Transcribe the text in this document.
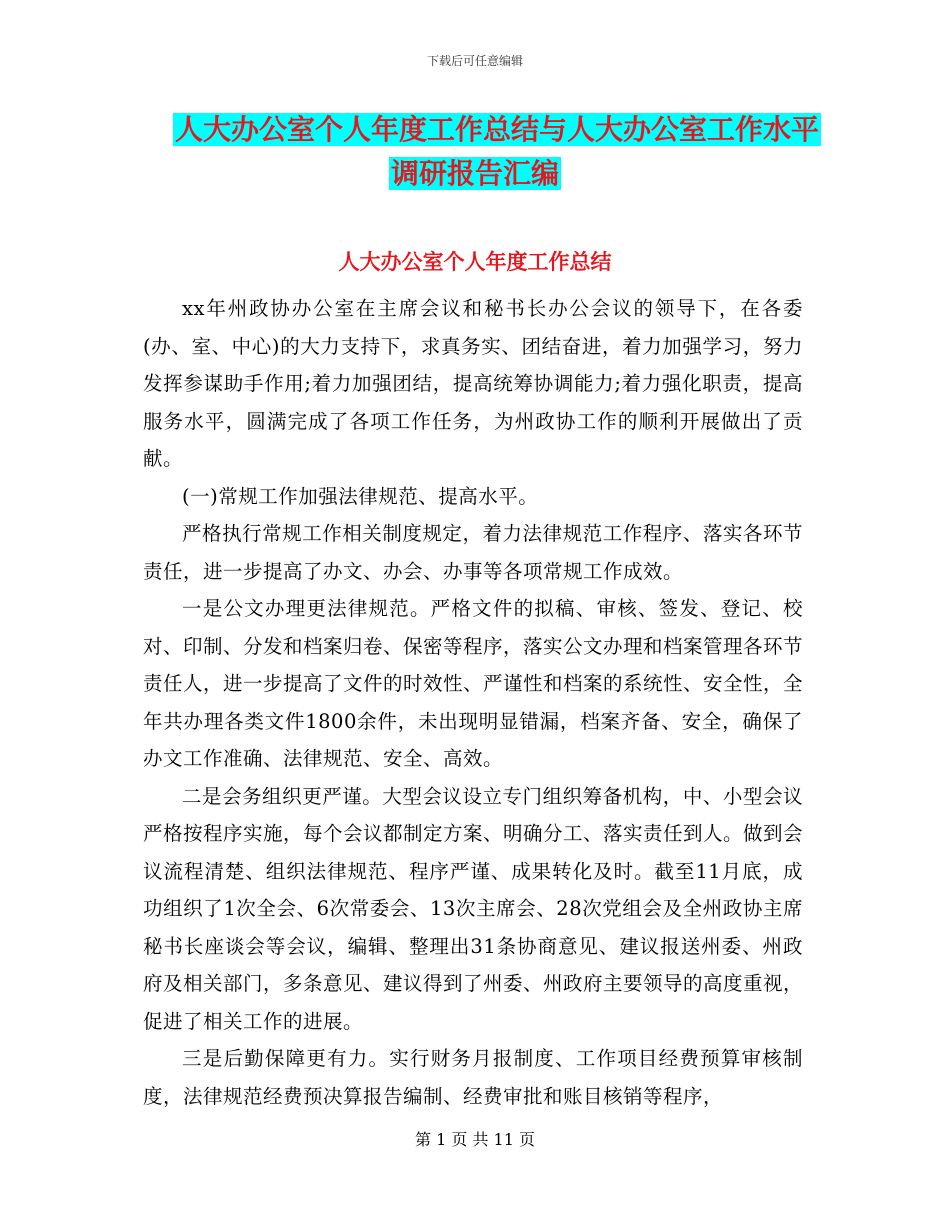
下载后可任意编辑
人大办公室个人年度工作总结与人大办公室工作水平
调研报告汇编
人大办公室个人年度工作总结

xx年州政协办公室在主席会议和秘书长办公会议的领导下，在各委(办、室、中心)的大力支持下，求真务实、团结奋进，着力加强学习，努力发挥参谋助手作用;着力加强团结，提高统筹协调能力;着力强化职责，提高服务水平，圆满完成了各项工作任务，为州政协工作的顺利开展做出了贡献。

(一)常规工作加强法律规范、提高水平。

严格执行常规工作相关制度规定，着力法律规范工作程序、落实各环节责任，进一步提高了办文、办会、办事等各项常规工作成效。

一是公文办理更法律规范。严格文件的拟稿、审核、签发、登记、校对、印制、分发和档案归卷、保密等程序，落实公文办理和档案管理各环节责任人，进一步提高了文件的时效性、严谨性和档案的系统性、安全性，全年共办理各类文件1800余件，未出现明显错漏，档案齐备、安全，确保了办文工作准确、法律规范、安全、高效。

二是会务组织更严谨。大型会议设立专门组织筹备机构，中、小型会议严格按程序实施，每个会议都制定方案、明确分工、落实责任到人。做到会议流程清楚、组织法律规范、程序严谨、成果转化及时。截至11月底，成功组织了1次全会、6次常委会、13次主席会、28次党组会及全州政协主席秘书长座谈会等会议，编辑、整理出31条协商意见、建议报送州委、州政府及相关部门，多条意见、建议得到了州委、州政府主要领导的高度重视，促进了相关工作的进展。

三是后勤保障更有力。实行财务月报制度、工作项目经费预算审核制度，法律规范经费预决算报告编制、经费审批和账目核销等程序，

第 1 页 共 11 页
